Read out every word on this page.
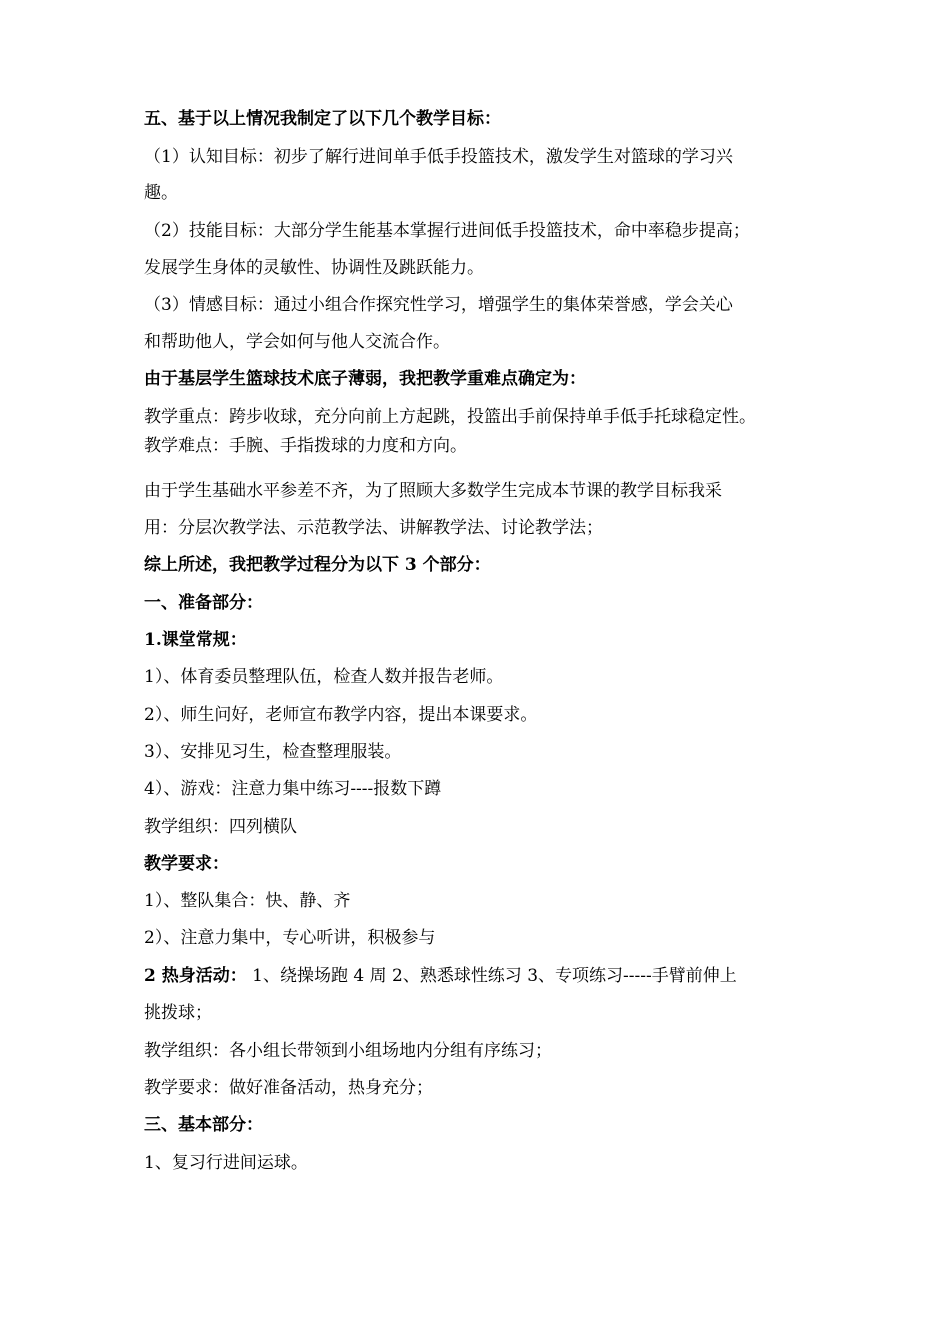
五、基于以上情况我制定了以下几个教学目标：
（1）认知目标：初步了解行进间单手低手投篮技术，激发学生对篮球的学习兴
趣。
（2）技能目标：大部分学生能基本掌握行进间低手投篮技术，命中率稳步提高；
发展学生身体的灵敏性、协调性及跳跃能力。
（3）情感目标：通过小组合作探究性学习，增强学生的集体荣誉感，学会关心
和帮助他人，学会如何与他人交流合作。
由于基层学生篮球技术底子薄弱，我把教学重难点确定为：
教学重点：跨步收球，充分向前上方起跳，投篮出手前保持单手低手托球稳定性。
教学难点：手腕、手指拨球的力度和方向。
由于学生基础水平参差不齐，为了照顾大多数学生完成本节课的教学目标我采
用：分层次教学法、示范教学法、讲解教学法、讨论教学法；
综上所述，我把教学过程分为以下 3 个部分：
一、准备部分：
1.课堂常规：
1）、体育委员整理队伍，检查人数并报告老师。
2）、师生问好，老师宣布教学内容，提出本课要求。
3）、安排见习生，检查整理服装。
4）、游戏：注意力集中练习----报数下蹲
教学组织：四列横队
教学要求：
1）、整队集合：快、静、齐
2）、注意力集中，专心听讲，积极参与
2 热身活动： 1、绕操场跑 4 周 2、熟悉球性练习 3、专项练习-----手臂前伸上
挑拨球；
教学组织：各小组长带领到小组场地内分组有序练习；
教学要求：做好准备活动，热身充分；
三、基本部分：
1、复习行进间运球。
